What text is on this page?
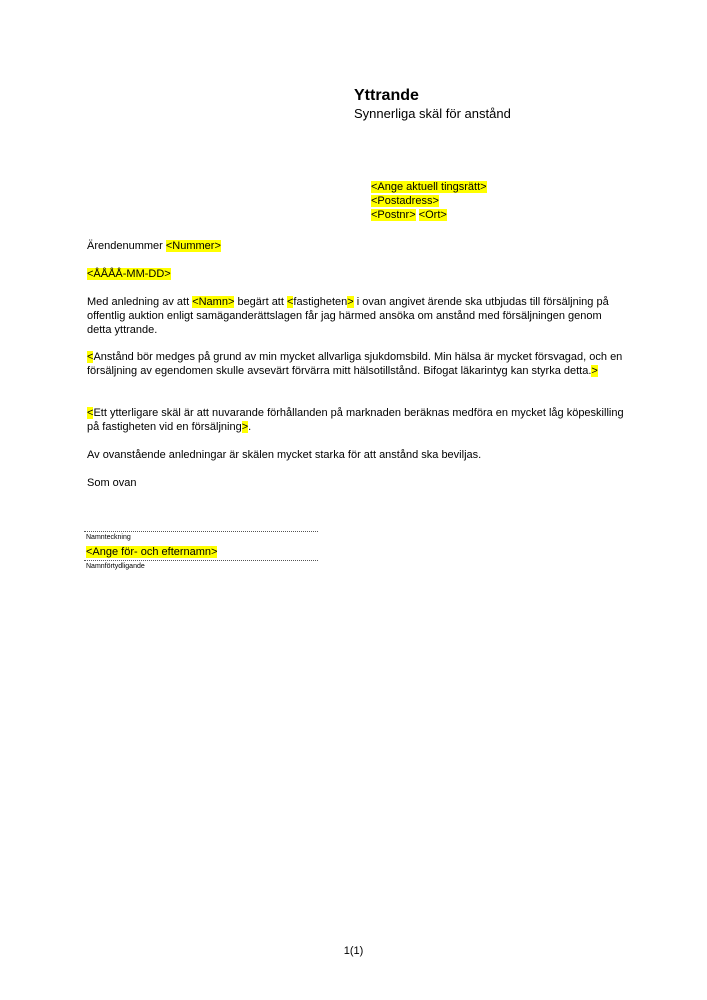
Yttrande
Synnerliga skäl för anstånd
<Ange aktuell tingsrätt>
<Postadress>
<Postnr> <Ort>
Ärendenummer <Nummer>
<ÅÅÅÅ-MM-DD>
Med anledning av att <Namn> begärt att <fastigheten> i ovan angivet ärende ska utbjudas till försäljning på offentlig auktion enligt samäganderättslagen får jag härmed ansöka om anstånd med försäljningen genom detta yttrande.
<Anstånd bör medges på grund av min mycket allvarliga sjukdomsbild. Min hälsa är mycket försvagad, och en försäljning av egendomen skulle avsevärt förvärra mitt hälsotillstånd. Bifogat läkarintyg kan styrka detta.>
<Ett ytterligare skäl är att nuvarande förhållanden på marknaden beräknas medföra en mycket låg köpeskilling på fastigheten vid en försäljning>.
Av ovanstående anledningar är skälen mycket starka för att anstånd ska beviljas.
Som ovan
Namnteckning
<Ange för- och efternamn>
Namnförtydligande
1(1)
